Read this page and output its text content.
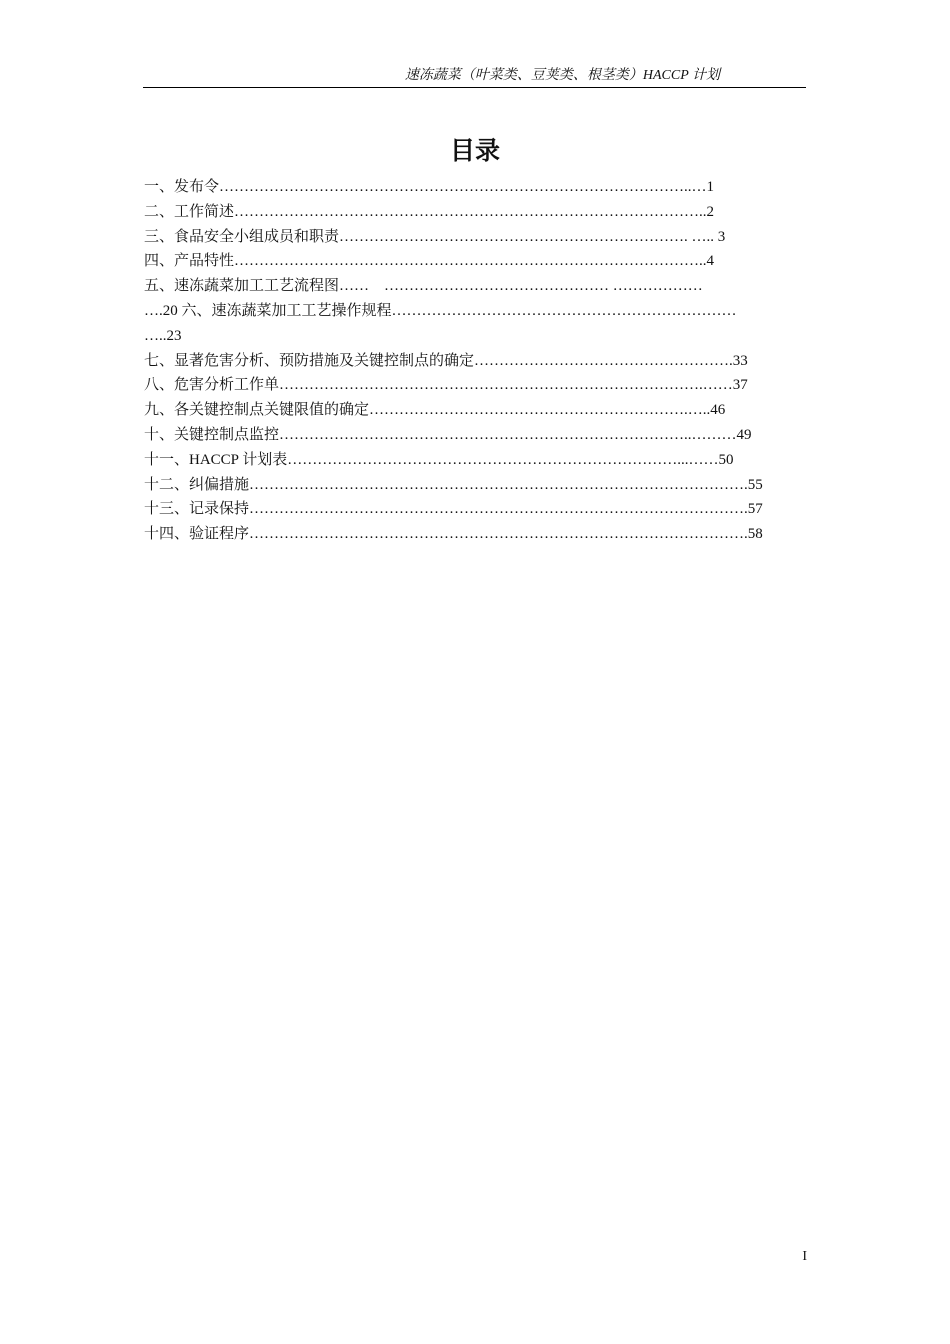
速冻蔬菜（叶菜类、豆荚类、根茎类）HACCP 计划
目录
一、发布令…………………………………………………………………………………..…1
二、工作简述…………………………………………………………………………………..2
三、食品安全小组成员和职责……………………………………………………………. ….. 3
四、产品特性…………………………………………………………………………………..4
五、速冻蔬菜加工工艺流程图……　……………………………………… ………………
….20 六、速冻蔬菜加工工艺操作规程……………………………………………………………
…..23
七、显著危害分析、预防措施及关键控制点的确定…………………………………………….33
八、危害分析工作单………………………………………………………………………….……37
九、各关键控制点关键限值的确定……………………………………………………….…..46
十、关键控制点监控………………………………………………………………………..………49
十一、HACCP 计划表……………………………………………………………………...……50
十二、纠偏措施……………………………………………………………………………………….55
十三、记录保持……………………………………………………………………………………….57
十四、验证程序……………………………………………………………………………………….58
I
